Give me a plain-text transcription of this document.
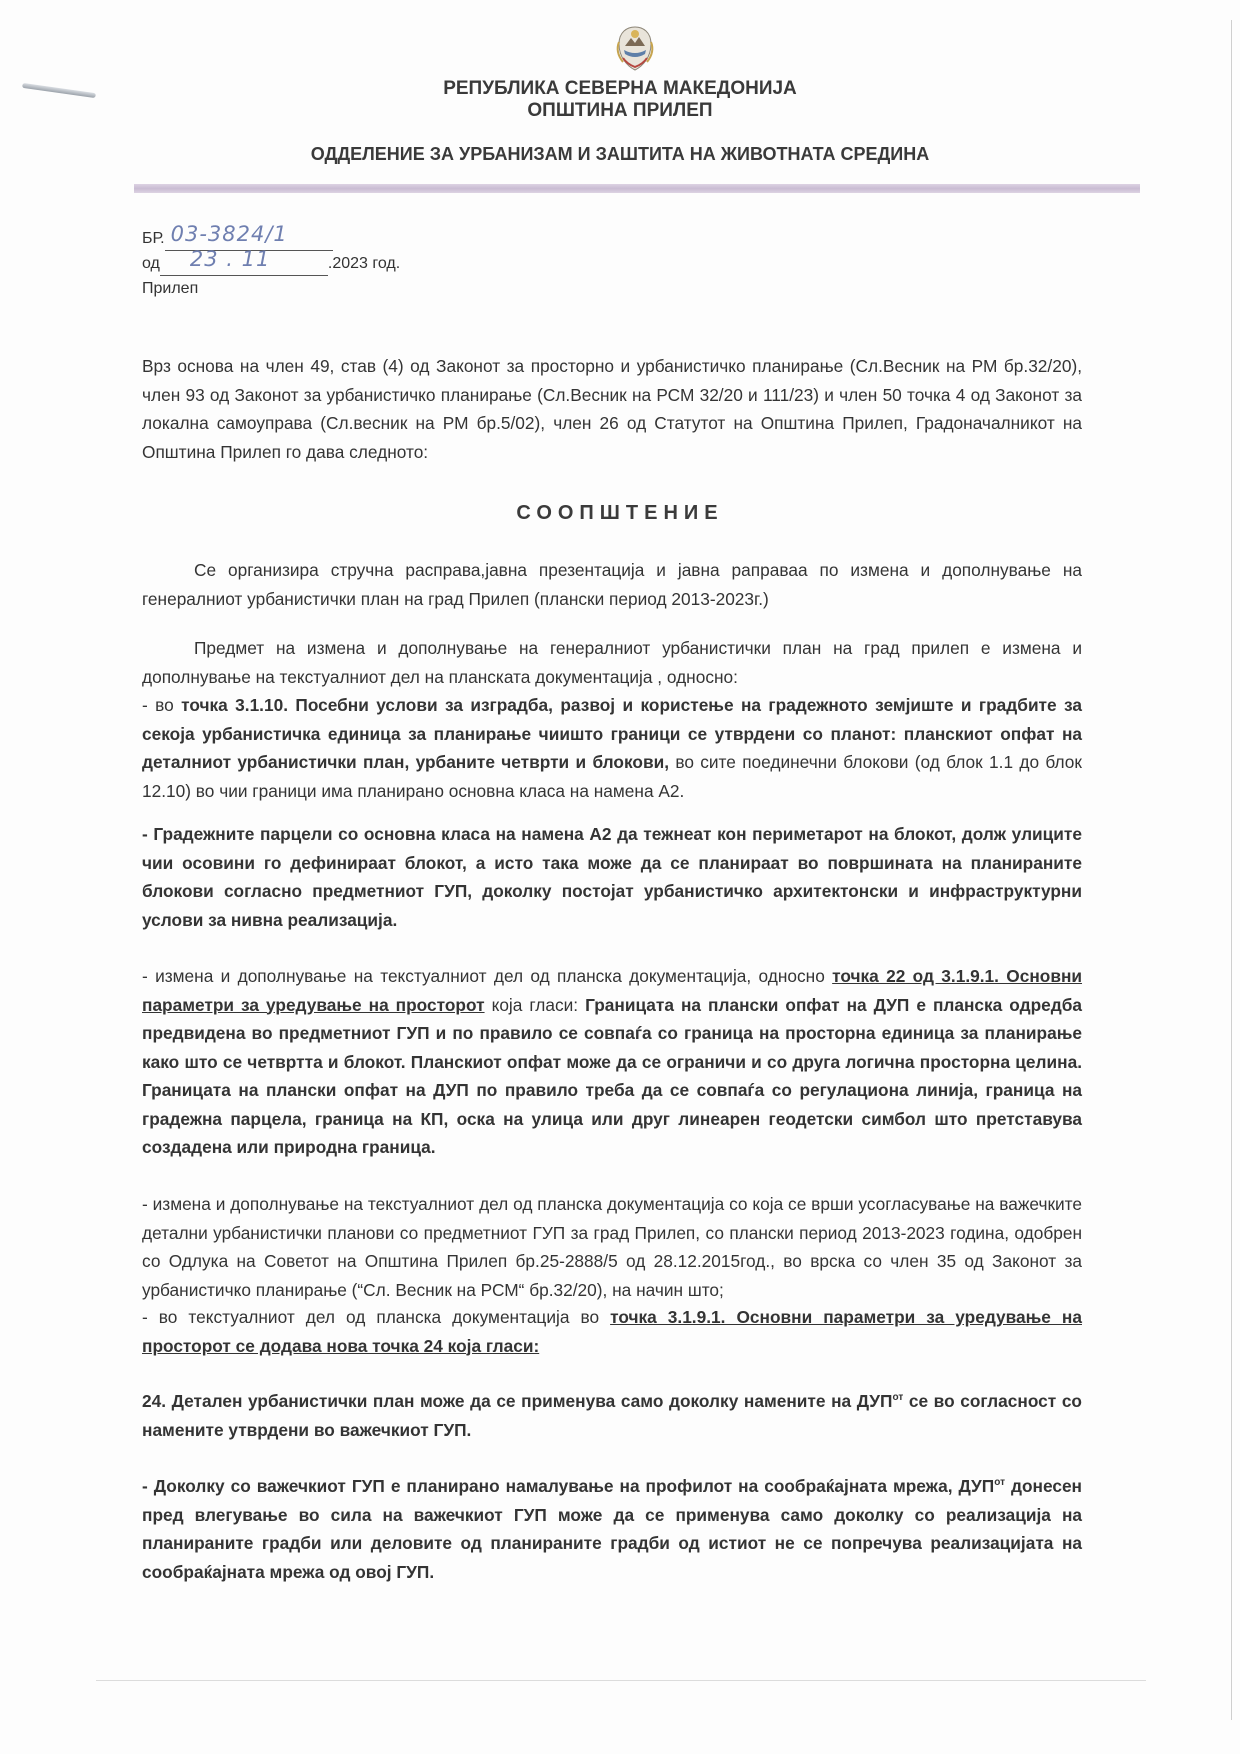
РЕПУБЛИКА СЕВЕРНА МАКЕДОНИЈА
ОПШТИНА ПРИЛЕП
ОДДЕЛЕНИЕ ЗА УРБАНИЗАМ И ЗАШТИТА НА ЖИВОТНАТА СРЕДИНА
БР. 03-3824/1
од 23 . 11	.2023 год.
Прилеп

Врз основа на член 49, став (4) од Законот за просторно и урбанистичко планирање (Сл.Весник на РМ бр.32/20), член 93 од Законот за урбанистичко планирање (Сл.Весник на РСМ 32/20 и 111/23) и член 50 точка 4 од Законот за локална самоуправа (Сл.весник на РМ бр.5/02), член 26 од Статутот на Општина Прилеп, Градоначалникот на Општина Прилеп го дава следното:

СООПШТЕНИЕ

Се организира стручна расправа,јавна презентација и јавна раправаа по измена и дополнување на генералниот урбанистички план на град Прилеп (плански период 2013-2023г.)

Предмет на измена и дополнување на генералниот урбанистички план на град прилеп е измена и дополнување на текстуалниот дел на планската документација , односно:

- во точка 3.1.10. Посебни услови за изградба, развој и користење на градежното земјиште и градбите за секоја урбанистичка единица за планирање чиишто граници се утврдени со планот: планскиот опфат на деталниот урбанистички план, урбаните четврти и блокови, во сите поединечни блокови (од блок 1.1 до блок 12.10) во чии граници има планирано основна класа на намена А2.

- Градежните парцели со основна класа на намена А2 да тежнеат кон периметарот на блокот, долж улиците чии осовини го дефинираат блокот, а исто така може да се планираат во површината на планираните блокови согласно предметниот ГУП, доколку постојат урбанистичко архитектонски и инфраструктурни услови за нивна реализација.

- измена и дополнување на текстуалниот дел од планска документација, односно точка 22 од 3.1.9.1. Основни параметри за уредување на просторот која гласи: Границата на плански опфат на ДУП е планска одредба предвидена во предметниот ГУП и по правило се совпаѓа со граница на просторна единица за планирање како што се четвртта и блокот. Планскиот опфат може да се ограничи и со друга логична просторна целина. Границата на плански опфат на ДУП по правило треба да се совпаѓа со регулациона линија, граница на градежна парцела, граница на КП, оска на улица или друг линеарен геодетски симбол што претставува создадена или природна граница.

- измена и дополнување на текстуалниот дел од планска документација со која се врши усогласување на важечките детални урбанистички планови со предметниот ГУП за град Прилеп, со плански период 2013-2023 година, одобрен со Одлука на Советот на Општина Прилеп бр.25-2888/5 од 28.12.2015год., во врска со член 35 од Законот за урбанистичко планирање (“Сл. Весник на РСМ“ бр.32/20), на начин што;

- во текстуалниот дел од планска документација во точка 3.1.9.1. Основни параметри за уредување на просторот се додава нова точка 24 која гласи:

24. Детален урбанистички план може да се применува само доколку намените на $ДУП^{от}$ се во согласност со намените утврдени во важечкиот ГУП.

- Доколку со важечкиот ГУП е планирано намалување на профилот на сообраќајната мрежа, $ДУП^{от}$ донесен пред влегување во сила на важечкиот ГУП може да се применува само доколку со реализација на планираните градби или деловите од планираните градби од истиот не се попречува реализацијата на сообраќајната мрежа од овој ГУП.
